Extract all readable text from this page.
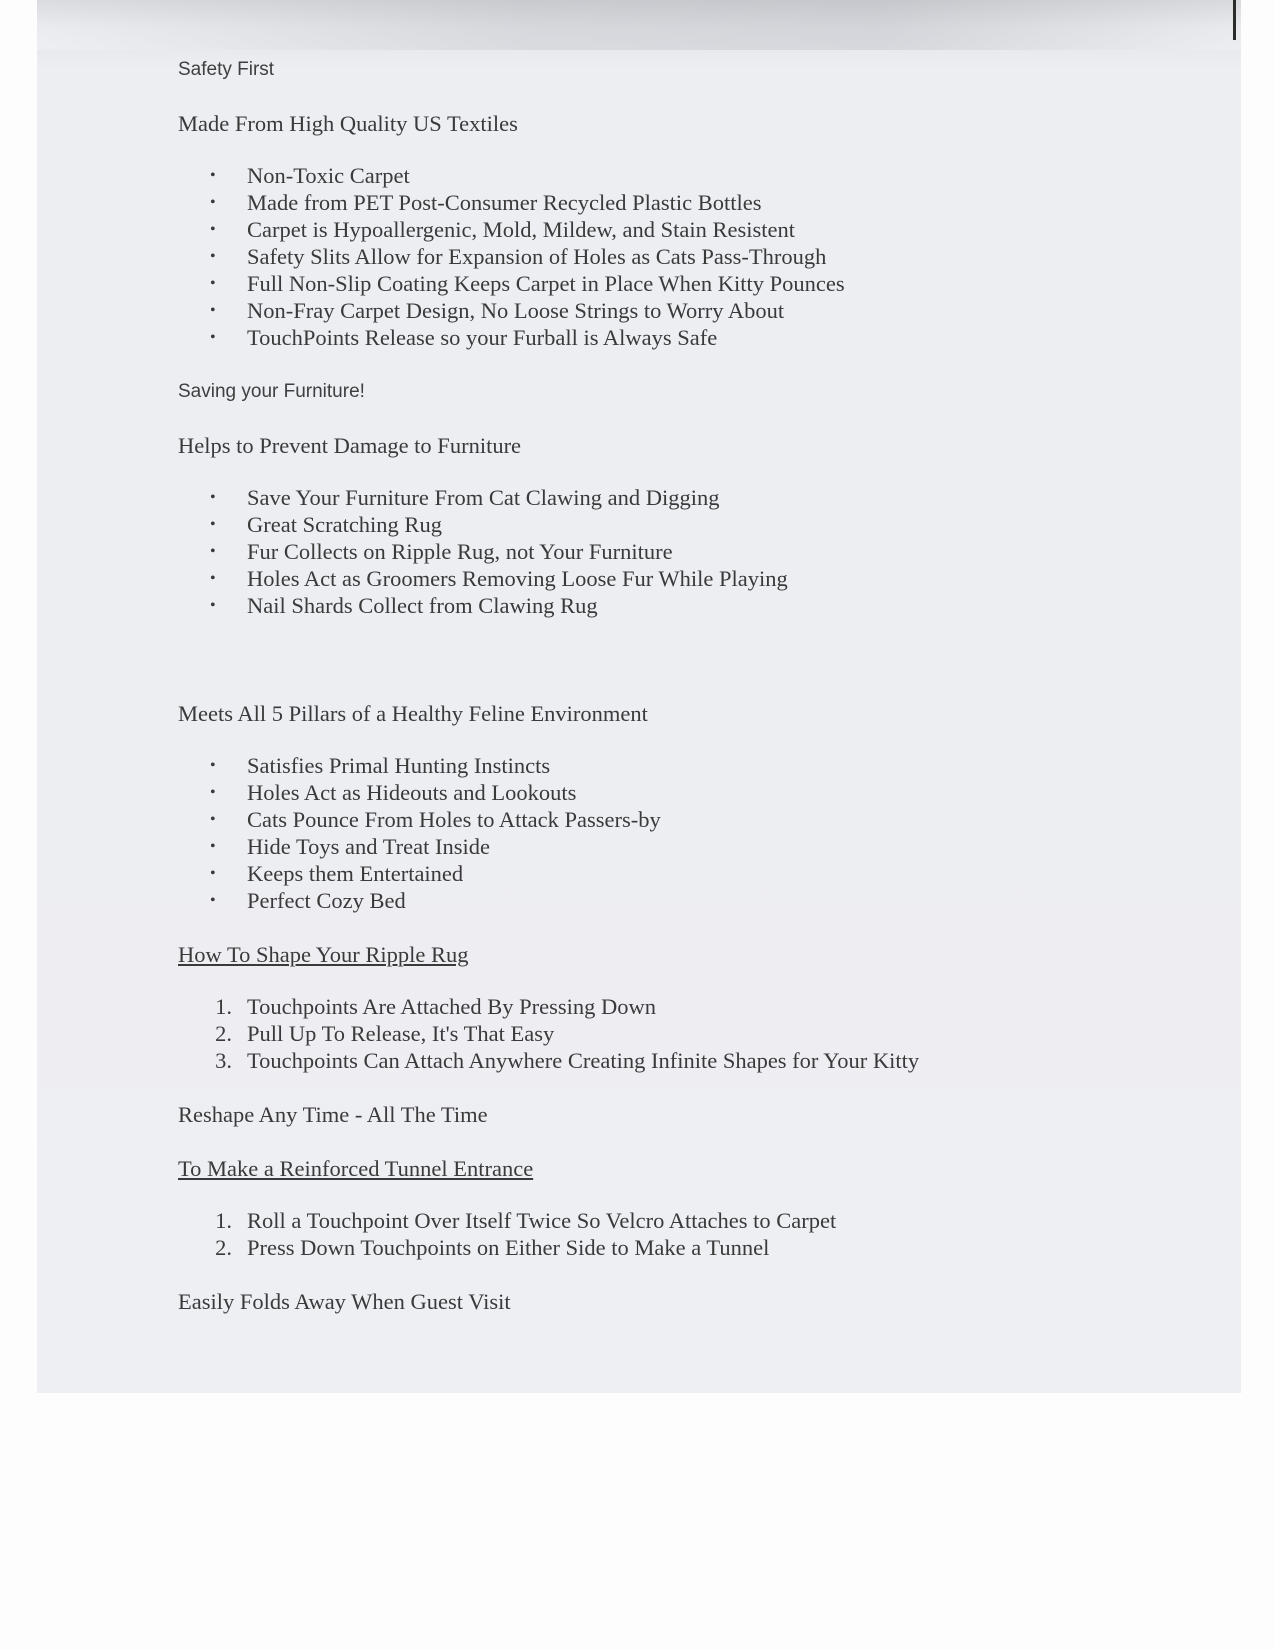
Safety First

Made From High Quality US Textiles

• Non-Toxic Carpet
• Made from PET Post-Consumer Recycled Plastic Bottles
• Carpet is Hypoallergenic, Mold, Mildew, and Stain Resistent
• Safety Slits Allow for Expansion of Holes as Cats Pass-Through
• Full Non-Slip Coating Keeps Carpet in Place When Kitty Pounces
• Non-Fray Carpet Design, No Loose Strings to Worry About
• TouchPoints Release so your Furball is Always Safe

Saving your Furniture!

Helps to Prevent Damage to Furniture

• Save Your Furniture From Cat Clawing and Digging
• Great Scratching Rug
• Fur Collects on Ripple Rug, not Your Furniture
• Holes Act as Groomers Removing Loose Fur While Playing
• Nail Shards Collect from Clawing Rug

Meets All 5 Pillars of a Healthy Feline Environment

• Satisfies Primal Hunting Instincts
• Holes Act as Hideouts and Lookouts
• Cats Pounce From Holes to Attack Passers-by
• Hide Toys and Treat Inside
• Keeps them Entertained
• Perfect Cozy Bed

How To Shape Your Ripple Rug

1. Touchpoints Are Attached By Pressing Down
2. Pull Up To Release, It's That Easy
3. Touchpoints Can Attach Anywhere Creating Infinite Shapes for Your Kitty

Reshape Any Time - All The Time

To Make a Reinforced Tunnel Entrance

1. Roll a Touchpoint Over Itself Twice So Velcro Attaches to Carpet
2. Press Down Touchpoints on Either Side to Make a Tunnel

Easily Folds Away When Guest Visit
